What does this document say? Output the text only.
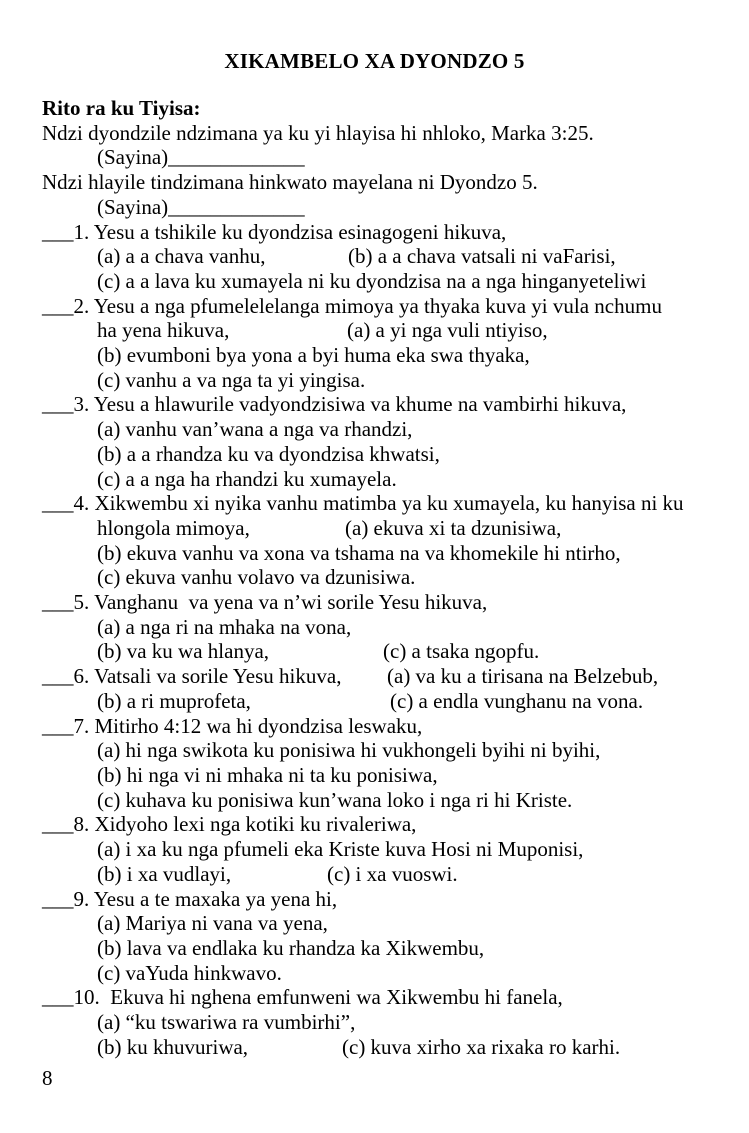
XIKAMBELO XA DYONDZO 5
Rito ra ku Tiyisa:
Ndzi dyondzile ndzimana ya ku yi hlayisa hi nhloko, Marka 3:25.
(Sayina)_____________
Ndzi hlayile tindzimana hinkwato mayelana ni Dyondzo 5.
(Sayina)_____________
___1. Yesu a tshikile ku dyondzisa esinagogeni hikuva,
(a) a a chava vanhu,	(b) a a chava vatsali ni vaFarisi,
(c) a a lava ku xumayela ni ku dyondzisa na a nga hinganyeteliwi
___2. Yesu a nga pfumelelelanga mimoya ya thyaka kuva yi vula nchumu
ha yena hikuva,	(a) a yi nga vuli ntiyiso,
(b) evumboni bya yona a byi huma eka swa thyaka,
(c) vanhu a va nga ta yi yingisa.
___3. Yesu a hlawurile vadyondzisiwa va khume na vambirhi hikuva,
(a) vanhu van’wana a nga va rhandzi,
(b) a a rhandza ku va dyondzisa khwatsi,
(c) a a nga ha rhandzi ku xumayela.
___4. Xikwembu xi nyika vanhu matimba ya ku xumayela, ku hanyisa ni ku
hlongola mimoya,	(a) ekuva xi ta dzunisiwa,
(b) ekuva vanhu va xona va tshama na va khomekile hi ntirho,
(c) ekuva vanhu volavo va dzunisiwa.
___5. Vanghanu  va yena va n’wi sorile Yesu hikuva,
(a) a nga ri na mhaka na vona,
(b) va ku wa hlanya,	(c) a tsaka ngopfu.
___6. Vatsali va sorile Yesu hikuva, (a) va ku a tirisana na Belzebub,
(b) a ri muprofeta,	(c) a endla vunghanu na vona.
___7. Mitirho 4:12 wa hi dyondzisa leswaku,
(a) hi nga swikota ku ponisiwa hi vukhongeli byihi ni byihi,
(b) hi nga vi ni mhaka ni ta ku ponisiwa,
(c) kuhava ku ponisiwa kun’wana loko i nga ri hi Kriste.
___8. Xidyoho lexi nga kotiki ku rivaleriwa,
(a) i xa ku nga pfumeli eka Kriste kuva Hosi ni Muponisi,
(b) i xa vudlayi,	(c) i xa vuoswi.
___9. Yesu a te maxaka ya yena hi,
(a) Mariya ni vana va yena,
(b) lava va endlaka ku rhandza ka Xikwembu,
(c) vaYuda hinkwavo.
___10.  Ekuva hi nghena emfunweni wa Xikwembu hi fanela,
(a) “ku tswariwa ra vumbirhi”,
(b) ku khuvuriwa,	(c) kuva xirho xa rixaka ro karhi.
8
